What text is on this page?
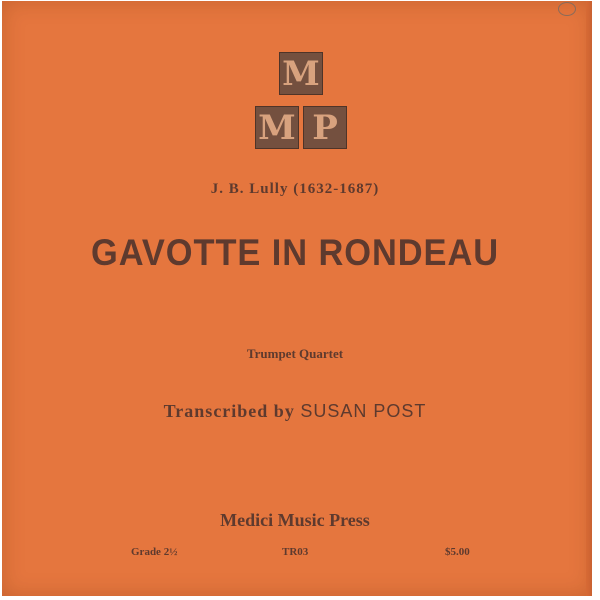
M
M P
J. B. Lully (1632-1687)
GAVOTTE IN RONDEAU
Trumpet Quartet
Transcribed by SUSAN POST
Medici Music Press
Grade 2½	TR03	$5.00
